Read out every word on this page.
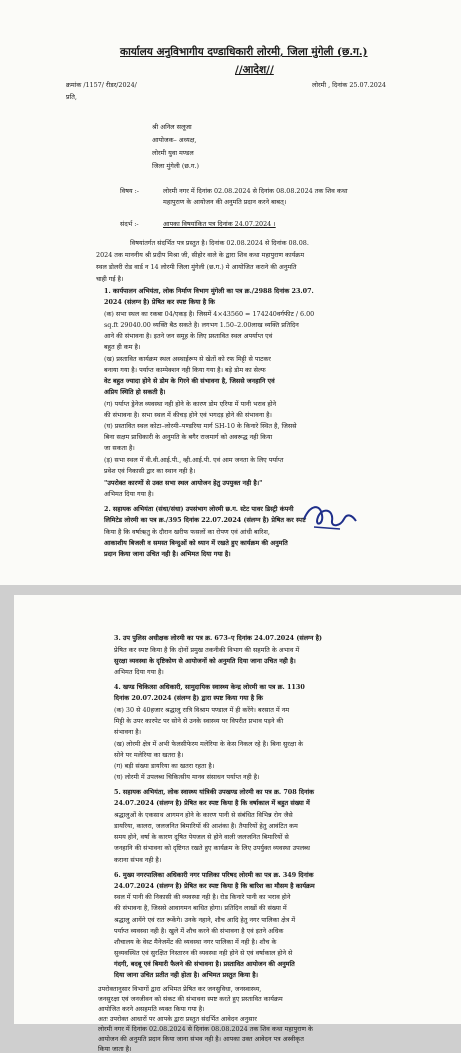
कार्यालय अनुविभागीय दण्डाधिकारी लोरमी, जिला मुंगेली (छ.ग.)
//आदेश//
क्रमांक /1157/ रीडर/2024/	लोरमी , दिनांक 25.07.2024
प्रति,
श्री अनिल सलूजा
आयोजक– अध्यक्ष,
लोरमी युवा मण्डल
जिला मुंगेली (छ.ग.)
विषय :-	लोरमी नगर में दिनांक 02.08.2024 से दिनांक 08.08.2024 तक शिव कथा
महापुराण के आयोजन की अनुमति प्रदान करने बाबत्।
संदर्भ :-	आपका विषयांकित पत्र दिनांक 24.07.2024 ।
विषयांतर्गत संदर्भित पत्र प्रस्तुत है। दिनांक 02.08.2024 से दिनांक 08.08.
2024 तक माननीय श्री प्रदीप मिश्रा जी, सीहोर वाले के द्वारा शिव कथा महापुराण कार्यक्रम
स्थल डोलरी रोड वार्ड न 14 लोरमी जिला मुंगेली (छ.ग.) मे आयोजित कराने की अनुमति
चाही गई है।
1. कार्यपालन अभियंता, लोक निर्माण विभाग मुंगेली का पत्र क्र./2988 दिनांक 23.07.
2024 (संलग्न है) प्रेषित कर स्पष्ट किया है कि
(क) सभा स्थल का रकबा 04/एकड़ है। जिसमें 4×43560 = 174240वर्गफीट / 6.00
sq.ft 29040.00 व्यक्ति बैठ सकते है। लगभग 1.50–2.00लाख व्यक्ति प्रतिदिन
आने की संभावना है। इतने जन समूह के लिए प्रस्तावित स्थल अपर्याप्त एवं
बहुत ही कम है।
(ख) प्रस्तावित कार्यक्रम स्थल अस्थाईरूप से खेतों को रफ मिट्टी से पाटकर
बनाया गया है। पर्याप्त काम्पेक्शन नही किया गया है। बड़े डोम का सेल्फ
वेट बहुत ज्यादा होने से डोम के गिरने की संभावना है, जिससे जनहानि एवं
अप्रिय स्थिति हो सकती है।
(ग) पर्याप्त ड्रेनेज व्यवस्था नही होने के कारण डोम एरिया में पानी भराव होने
की संभावना है। सभा स्थल में कीचड़ होने एवं भगदड़ होने की संभावना है।
(घ) प्रस्तावित स्थल कोटा–लोरमी–पण्डरिया मार्ग SH-10 के किनारे स्थित है, जिससे
बिना सक्षम प्राधिकारी के अनुमति के बगैर राजमार्ग को अवरूद्ध नही किया
जा सकता है।
(ड़) सभा स्थल में वी.वी.आई.पी., व्ही.आई.पी. एवं आम जनता के लिए पर्याप्त
प्रवेश एवं निकासी द्वार का स्थान नही है।
"उपरोक्त कारणों से उक्त सभा स्थल आयोजन हेतु उपयुक्त नही है।"
अभिमत दिया गया है।
2. सहायक अभियंता (संधा/संधा) उपसंभाग लोरमी छ.ग. स्टेट पावर डिस्ट्री कंपनी
लिमिटेड लोरमी का पत्र क्र./395 दिनांक 22.07.2024 (संलग्न है) प्रेषित कर स्पष्ट
किया है कि वर्षाऋतु के दौरान खरीफ फसलों का रोपण एवं आंधी बारिश,
आकाशीय बिजली व समस्त बिन्दुओं को ध्यान में रखते हुए कार्यक्रम की अनुमति
प्रदान किया जाना उचित नही है। अभिमत दिया गया है।
3. उप पुलिस अधीक्षक लोरमी का पत्र क्र. 673–ए दिनांक 24.07.2024 (संलग्न है)
प्रेषित कर स्पष्ट किया है कि दोनों प्रमुख तकनीकी विभाग की सहमति के अभाव में
सुरक्षा व्यवस्था के दृष्टिकोण से आयोजनों को अनुमति दिया जाना उचित नही है।
अभिमत दिया गया है।
4. खण्ड चिकित्सा अधिकारी, सामुदायिक स्वास्थ्य केन्द्र लोरमी का पत्र क्र. 1130
दिनांक 20.07.2024 (संलग्न है) द्वारा स्पष्ट किया गया है कि
(क) 30 से 40हजार श्रद्धालु रात्रि विश्राम पण्डाल में ही करेंगे। बरसात में नम
मिट्टी के उपर कारपेट पर सोने से उनके स्वास्थ्य पर विपरीत प्रभाव पड़ने की
संभावना है।
(ख) लोरमी क्षेत्र में अभी फेलसीफेरम मलेरिया के केस निकल रहे है। बिना सुरक्षा के
सोने पर मलेरिया का खतरा है।
(ग) बड़ी संख्या डायरिया का खतरा रहता है।
(घ) लोरमी में उपलब्ध चिकित्सीय मानव संसाधन पर्याप्त नही है।
5. सहायक अभियंता, लोक स्वास्थ्य यांत्रिकी उपखण्ड लोरमी का पत्र क्र. 708 दिनांक
24.07.2024 (संलग्न है) प्रेषित कर स्पष्ट किया है कि वर्षाकाल में बहुत संख्या में
श्रद्धालुओं के एकसाथ आगमन होने के कारण पानी से संबंधित विभिन्न रोग जैसे
डायरिया, कालरा, जलजनित बिमारियों की आशंका है। तैयारियों हेतु आवंटित कम
समय होने, वर्षा के कारण दूषित पेयजल से होने वाली जलजनित बिमारियों से
जनहानि की संभावना को दृष्टिगत रखते हुए कार्यक्रम के लिए उपर्युक्त व्यवस्था उपलब्ध
कराना संभव नही है।
6. मुख्य नगरपालिका अधिकारी नगर पालिका परिषद लोरमी का पत्र क्र. 349 दिनांक
24.07.2024 (संलग्न है) प्रेषित कर स्पष्ट किया है कि बारिश का मौसम है कार्यक्रम
स्थल में पानी की निकासी की व्यवस्था नही है। रोड किनारे पानी का भराव होने
की संभावना है, जिससे आवागमन बाधित होगा। प्रतिदिन लाखों की संख्या में
श्रद्धालु आयेंगे एवं रात रूकेंगे। उनके नहाने, शौच आदि हेतु नगर पालिका क्षेत्र में
पर्याप्त व्यवस्था नही है। खुले में शौच करने की संभावना है एवं इतने अधिक
शौचालय के वेस्ट मैनेजमेंट की व्यवस्था नगर पालिका में नही है। शौच के
सुव्यवस्थित एवं सुरक्षित निस्तारन की व्यवस्था नही होने से एवं वर्षाकाल होने से
गंदगी, बदबू एवं बिमारी फैलने की संभावना है। प्रस्तावित आयोजन की अनुमति
दिया जाना उचित प्रतीत नही होता है। अभिमत प्रस्तुत किया है।
उपरोक्तानुसार विभागों द्वारा अभिमत प्रेषित कर जनसुविधा, जनस्वास्थ्य,
जनसुरक्षा एवं जनजीवन को संकट की संभावना स्पष्ट करते हुए प्रस्तावित कार्यक्रम
आयोजित करने असहमति व्यक्त किया गया है।
अतः उपरोक्त आधारों पर आपके द्वारा प्रस्तुत संदर्भित आवेदन अनुसार
लोरमी नगर में दिनांक 02.08.2024 से दिनांक 08.08.2024 तक शिव कथा महापुराण के
आयोजन की अनुमति प्रदान किया जाना संभव नही है। आपका उक्त आवेदन पत्र अस्वीकृत
किया जाता है।
